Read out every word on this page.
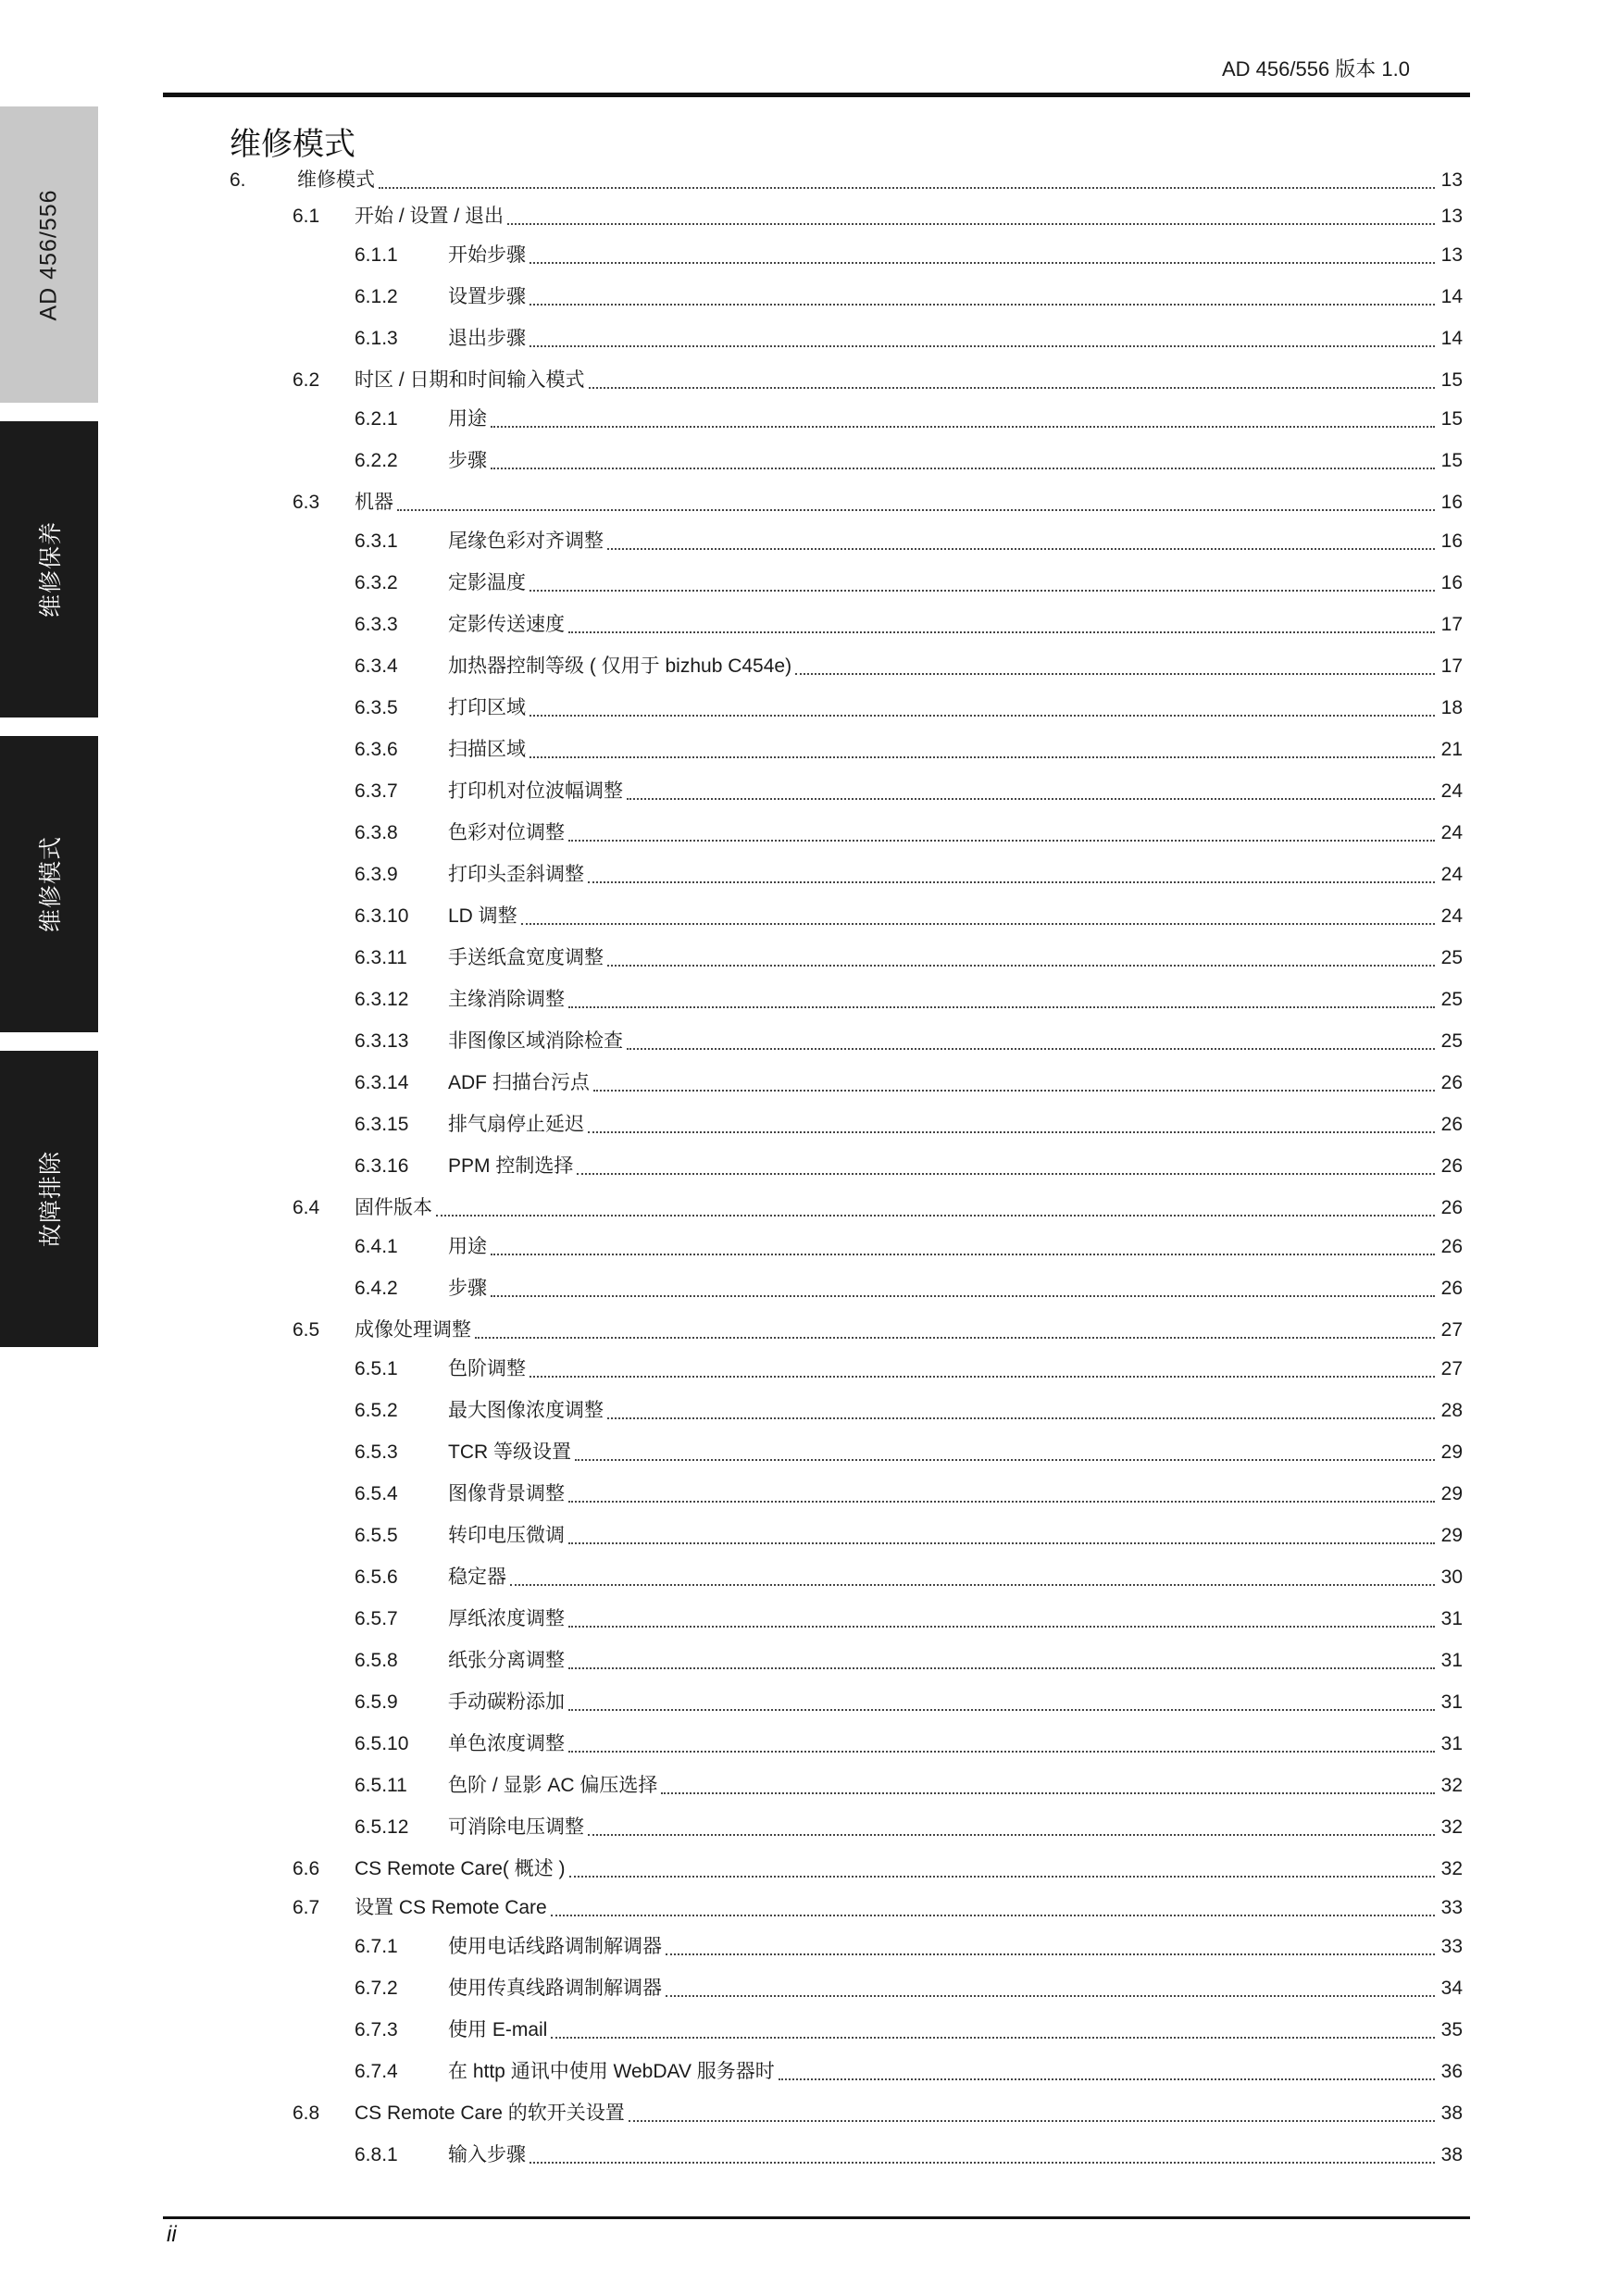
AD 456/556 版本 1.0
AD 456/556
维修保养
维修模式
故障排除
维修模式
6.	维修模式	13
6.1	开始 / 设置 / 退出	13
6.1.1	开始步骤	13
6.1.2	设置步骤	14
6.1.3	退出步骤	14
6.2	时区 / 日期和时间输入模式	15
6.2.1	用途	15
6.2.2	步骤	15
6.3	机器	16
6.3.1	尾缘色彩对齐调整	16
6.3.2	定影温度	16
6.3.3	定影传送速度	17
6.3.4	加热器控制等级 ( 仅用于 bizhub C454e)	17
6.3.5	打印区域	18
6.3.6	扫描区域	21
6.3.7	打印机对位波幅调整	24
6.3.8	色彩对位调整	24
6.3.9	打印头歪斜调整	24
6.3.10	LD 调整	24
6.3.11	手送纸盒宽度调整	25
6.3.12	主缘消除调整	25
6.3.13	非图像区域消除检查	25
6.3.14	ADF 扫描台污点	26
6.3.15	排气扇停止延迟	26
6.3.16	PPM 控制选择	26
6.4	固件版本	26
6.4.1	用途	26
6.4.2	步骤	26
6.5	成像处理调整	27
6.5.1	色阶调整	27
6.5.2	最大图像浓度调整	28
6.5.3	TCR 等级设置	29
6.5.4	图像背景调整	29
6.5.5	转印电压微调	29
6.5.6	稳定器	30
6.5.7	厚纸浓度调整	31
6.5.8	纸张分离调整	31
6.5.9	手动碳粉添加	31
6.5.10	单色浓度调整	31
6.5.11	色阶 / 显影 AC 偏压选择	32
6.5.12	可消除电压调整	32
6.6	CS Remote Care( 概述 )	32
6.7	设置 CS Remote Care	33
6.7.1	使用电话线路调制解调器	33
6.7.2	使用传真线路调制解调器	34
6.7.3	使用 E-mail	35
6.7.4	在 http 通讯中使用 WebDAV 服务器时	36
6.8	CS Remote Care 的软开关设置	38
6.8.1	输入步骤	38
ii
